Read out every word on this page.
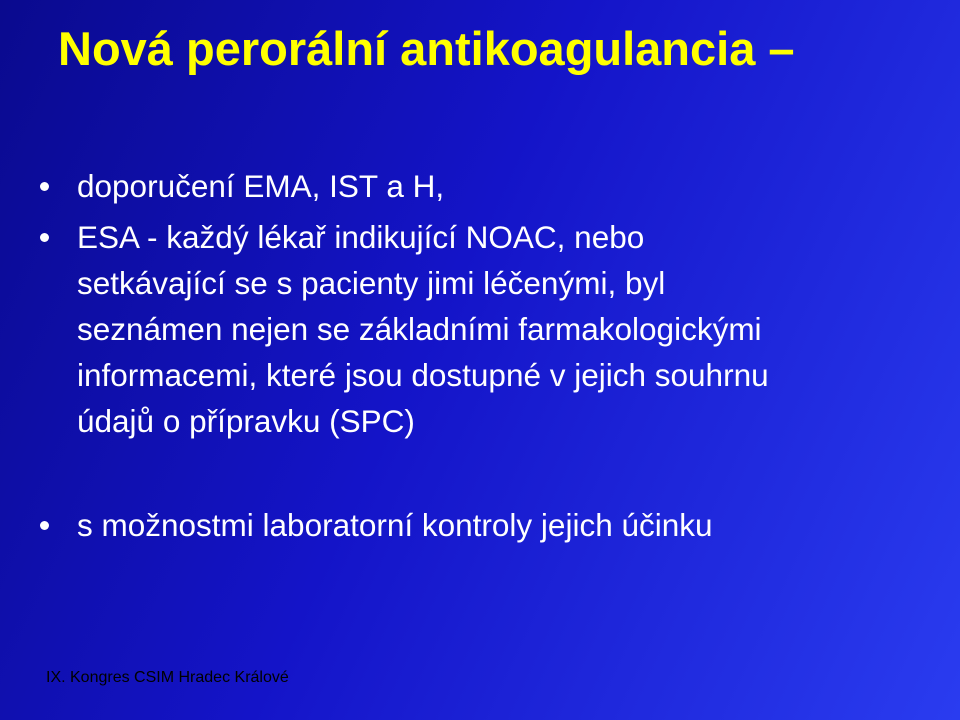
Nová perorální antikoagulancia –
doporučení EMA, IST a H,
ESA - každý lékař indikující NOAC, nebo
setkávající se s pacienty jimi léčenými, byl
seznámen nejen se základními farmakologickými
informacemi, které jsou dostupné v jejich souhrnu
údajů o přípravku (SPC)
s možnostmi laboratorní kontroly jejich účinku
IX. Kongres CSIM Hradec Králové
